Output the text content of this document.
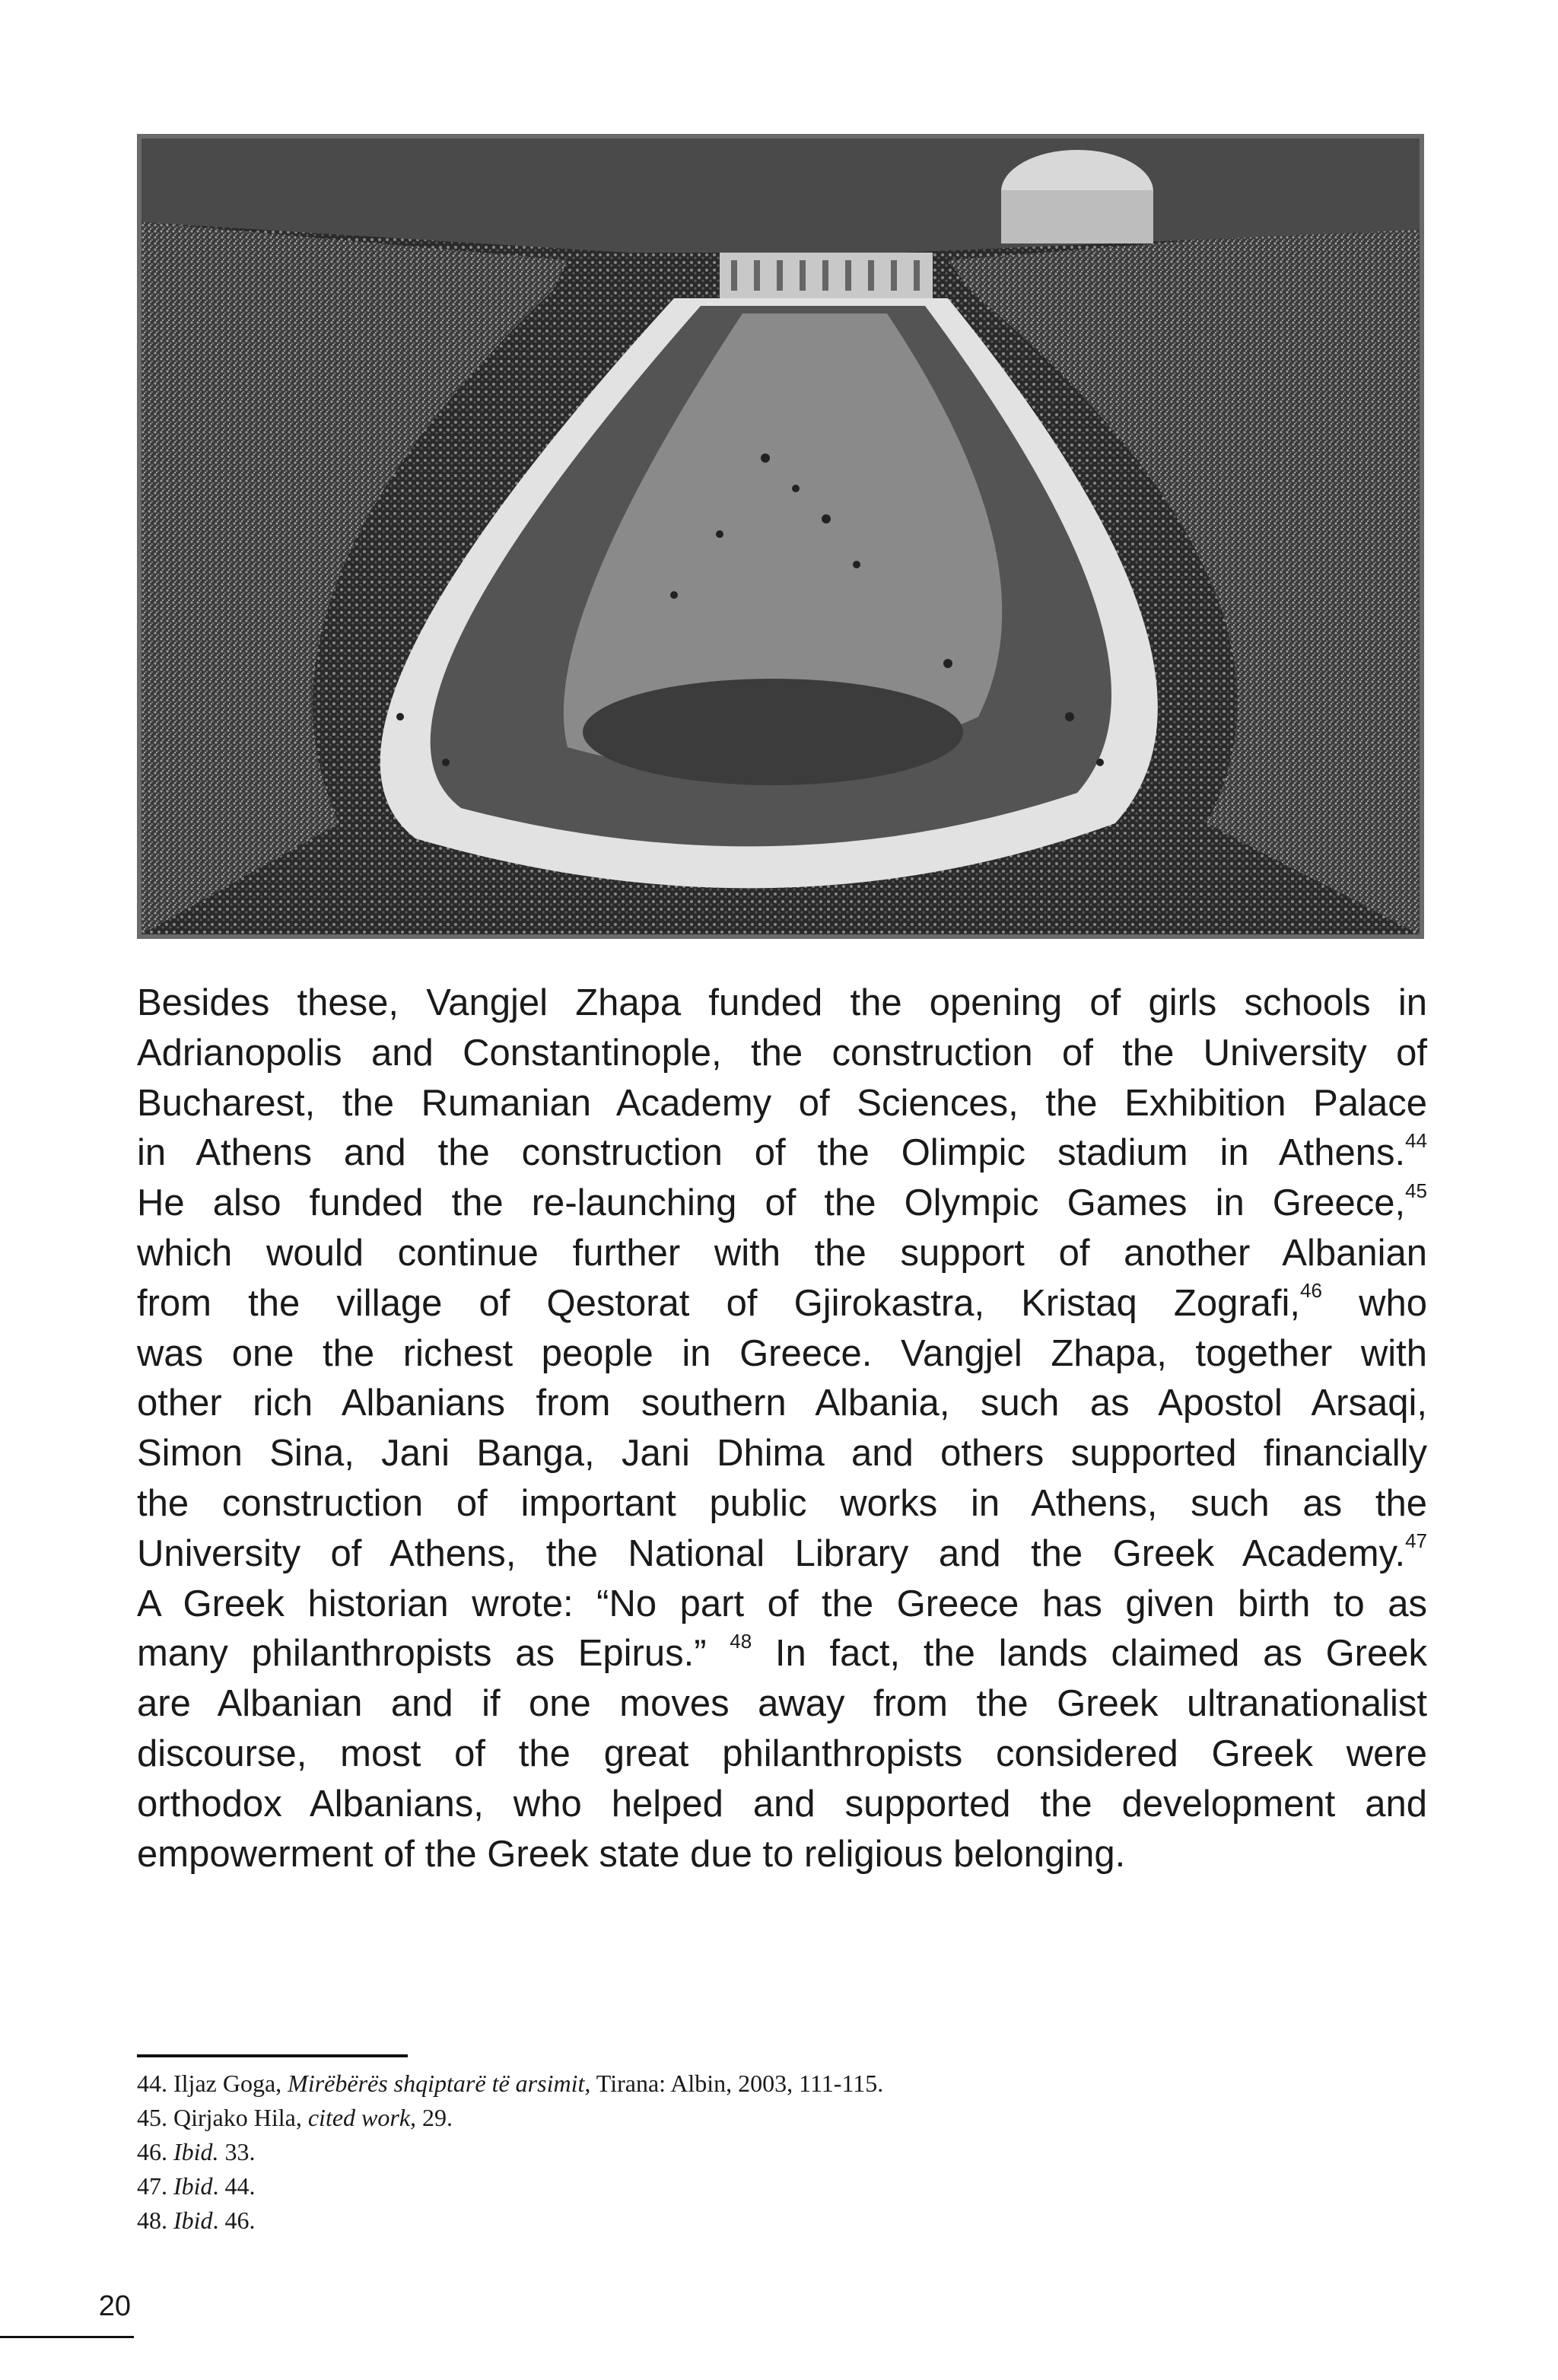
Besides these, Vangjel Zhapa funded the opening of girls schools in
Adrianopolis and Constantinople, the construction of the University of
Bucharest, the Rumanian Academy of Sciences, the Exhibition Palace
in Athens and the construction of the Olimpic stadium in Athens.$^{44}$
He also funded the re-launching of the Olympic Games in Greece,$^{45}$
which would continue further with the support of another Albanian
from the village of Qestorat of Gjirokastra, Kristaq Zografi,$^{46}$ who
was one the richest people in Greece. Vangjel Zhapa, together with
other rich Albanians from southern Albania, such as Apostol Arsaqi,
Simon Sina, Jani Banga, Jani Dhima and others supported financially
the construction of important public works in Athens, such as the
University of Athens, the National Library and the Greek Academy.$^{47}$
A Greek historian wrote: “No part of the Greece has given birth to as
many philanthropists as Epirus.” $^{48}$ In fact, the lands claimed as Greek
are Albanian and if one moves away from the Greek ultranationalist
discourse, most of the great philanthropists considered Greek were
orthodox Albanians, who helped and supported the development and
empowerment of the Greek state due to religious belonging.
44. Iljaz Goga, Mirëbërës shqiptarë të arsimit, Tirana: Albin, 2003, 111-115.
45. Qirjako Hila, cited work, 29.
46. Ibid. 33.
47. Ibid. 44.
48. Ibid. 46.
20
